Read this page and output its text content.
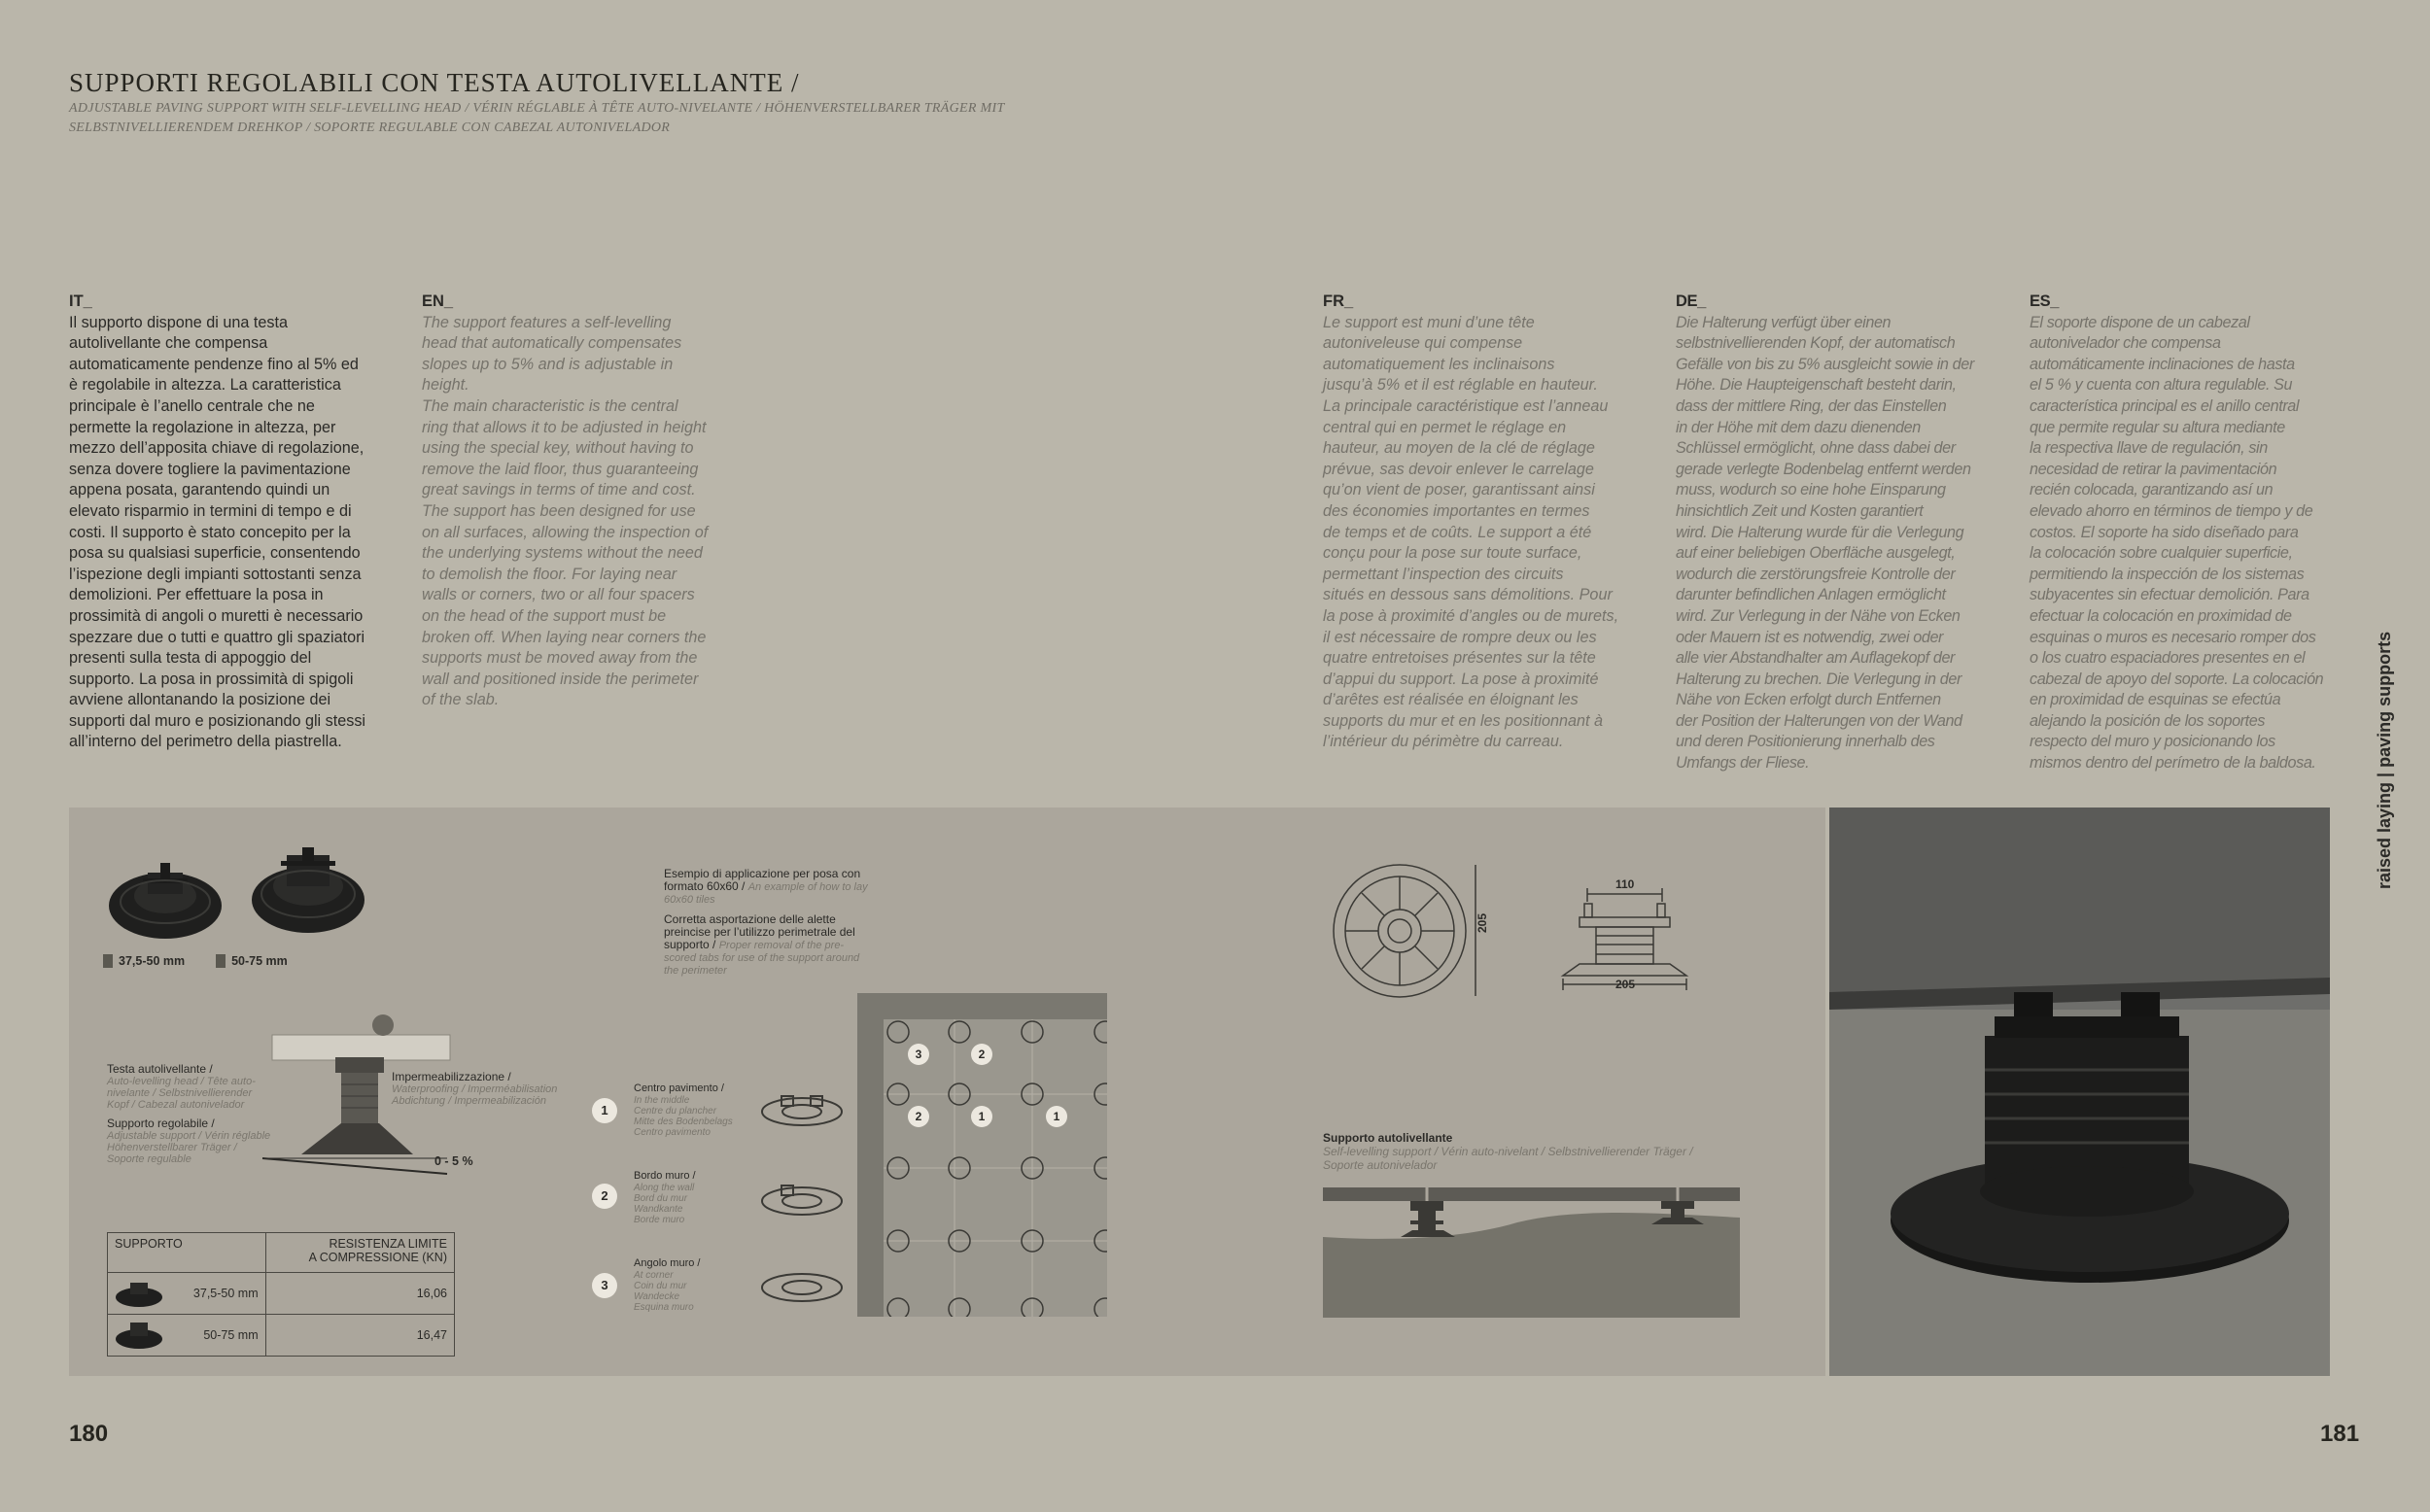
SUPPORTI REGOLABILI CON TESTA AUTOLIVELLANTE /
ADJUSTABLE PAVING SUPPORT WITH SELF-LEVELLING HEAD / VÉRIN RÉGLABLE À TÊTE AUTO-NIVELANTE / HÖHENVERSTELLBARER TRÄGER MIT SELBSTNIVELLIERENDEM DREHKOP / SOPORTE REGULABLE CON CABEZAL AUTONIVELADOR
IT_
Il supporto dispone di una testa
autolivellante che compensa
automaticamente pendenze fino al 5% ed
è regolabile in altezza. La caratteristica
principale è l’anello centrale che ne
permette la regolazione in altezza, per
mezzo dell’apposita chiave di regolazione,
senza dovere togliere la pavimentazione
appena posata, garantendo quindi un
elevato risparmio in termini di tempo e di
costi. Il supporto è stato concepito per la
posa su qualsiasi superficie, consentendo
l’ispezione degli impianti sottostanti senza
demolizioni. Per effettuare la posa in
prossimità di angoli o muretti è necessario
spezzare due o tutti e quattro gli spaziatori
presenti sulla testa di appoggio del
supporto. La posa in prossimità di spigoli
avviene allontanando la posizione dei
supporti dal muro e posizionando gli stessi
all’interno del perimetro della piastrella.
EN_
The support features a self-levelling
head that automatically compensates
slopes up to 5% and is adjustable in
height.
The main characteristic is the central
ring that allows it to be adjusted in height
using the special key, without having to
remove the laid floor, thus guaranteeing
great savings in terms of time and cost.
The support has been designed for use
on all surfaces, allowing the inspection of
the underlying systems without the need
to demolish the floor. For laying near
walls or corners, two or all four spacers
on the head of the support must be
broken off. When laying near corners the
supports must be moved away from the
wall and positioned inside the perimeter
of the slab.
FR_
Le support est muni d’une tête
autoniveleuse qui compense
automatiquement les inclinaisons
jusqu’à 5% et il est réglable en hauteur.
La principale caractéristique est l’anneau
central qui en permet le réglage en
hauteur, au moyen de la clé de réglage
prévue, sas devoir enlever le carrelage
qu’on vient de poser, garantissant ainsi
des économies importantes en termes
de temps et de coûts. Le support a été
conçu pour la pose sur toute surface,
permettant l’inspection des circuits
situés en dessous sans démolitions. Pour
la pose à proximité d’angles ou de murets,
il est nécessaire de rompre deux ou les
quatre entretoises présentes sur la tête
d’appui du support. La pose à proximité
d’arêtes est réalisée en éloignant les
supports du mur et en les positionnant à
l’intérieur du périmètre du carreau.
DE_
Die Halterung verfügt über einen
selbstnivellierenden Kopf, der automatisch
Gefälle von bis zu 5% ausgleicht sowie in der
Höhe. Die Haupteigenschaft besteht darin,
dass der mittlere Ring, der das Einstellen
in der Höhe mit dem dazu dienenden
Schlüssel ermöglicht, ohne dass dabei der
gerade verlegte Bodenbelag entfernt werden
muss, wodurch so eine hohe Einsparung
hinsichtlich Zeit und Kosten garantiert
wird. Die Halterung wurde für die Verlegung
auf einer beliebigen Oberfläche ausgelegt,
wodurch die zerstörungsfreie Kontrolle der
darunter befindlichen Anlagen ermöglicht
wird. Zur Verlegung in der Nähe von Ecken
oder Mauern ist es notwendig, zwei oder
alle vier Abstandhalter am Auflagekopf der
Halterung zu brechen. Die Verlegung in der
Nähe von Ecken erfolgt durch Entfernen
der Position der Halterungen von der Wand
und deren Positionierung innerhalb des
Umfangs der Fliese.
ES_
El soporte dispone de un cabezal
autonivelador che compensa
automáticamente inclinaciones de hasta
el 5 % y cuenta con altura regulable. Su
característica principal es el anillo central
que permite regular su altura mediante
la respectiva llave de regulación, sin
necesidad de retirar la pavimentación
recién colocada, garantizando así un
elevado ahorro en términos de tiempo y de
costos. El soporte ha sido diseñado para
la colocación sobre cualquier superficie,
permitiendo la inspección de los sistemas
subyacentes sin efectuar demolición. Para
efectuar la colocación en proximidad de
esquinas o muros es necesario romper dos
o los cuatro espaciadores presentes en el
cabezal de apoyo del soporte. La colocación
en proximidad de esquinas se efectúa
alejando la posición de los soportes
respecto del muro y posicionando los
mismos dentro del perímetro de la baldosa.
37,5-50 mm	50-75 mm
Testa autolivellante /
Auto-levelling head / Tête auto-
nivelante / Selbstnivellierender
Kopf / Cabezal autonivelador
Supporto regolabile /
Adjustable support / Vérin réglable
Höhenverstellbarer Träger /
Soporte regulable
Impermeabilizzazione /
Waterproofing / Imperméabilisation
Abdichtung / Impermeabilización
0 - 5 %
SUPPORTO	RESISTENZA LIMITE
A COMPRESSIONE (KN)

37,5-50 mm	16,06

50-75 mm	16,47
Esempio di applicazione per posa con
formato 60x60 / An example of how to lay
60x60 tiles
Corretta asportazione delle alette
preincise per l’utilizzo perimetrale del
supporto / Proper removal of the pre-
scored tabs for use of the support around
the perimeter
1
Centro pavimento /
In the middle
Centre du plancher
Mitte des Bodenbelags
Centro pavimento
2
Bordo muro /
Along the wall
Bord du mur
Wandkante
Borde muro
3
Angolo muro /
At corner
Coin du mur
Wandecke
Esquina muro
3	2
2	1	1
205
110
205
Supporto autolivellante
Self-levelling support / Vérin auto-nivelant / Selbstnivellierender Träger /
Soporte autonivelador
raised laying | paving supports
180	181
